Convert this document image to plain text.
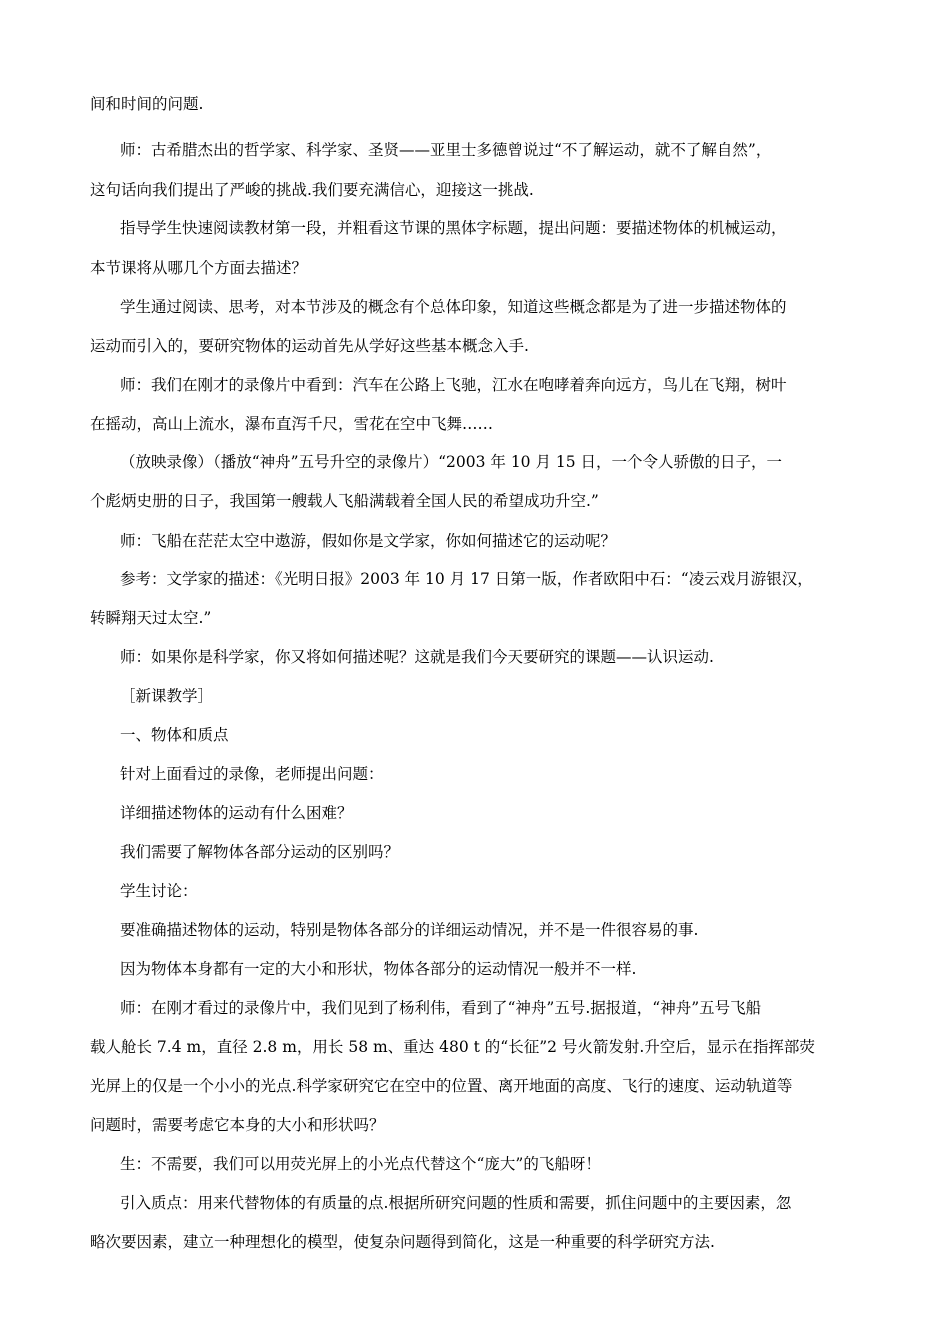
间和时间的问题.

师：古希腊杰出的哲学家、科学家、圣贤——亚里士多德曾说过“不了解运动，就不了解自然”，

这句话向我们提出了严峻的挑战.我们要充满信心，迎接这一挑战.

指导学生快速阅读教材第一段，并粗看这节课的黑体字标题，提出问题：要描述物体的机械运动，

本节课将从哪几个方面去描述？

学生通过阅读、思考，对本节涉及的概念有个总体印象，知道这些概念都是为了进一步描述物体的

运动而引入的，要研究物体的运动首先从学好这些基本概念入手.

师：我们在刚才的录像片中看到：汽车在公路上飞驰，江水在咆哮着奔向远方，鸟儿在飞翔，树叶

在摇动，高山上流水，瀑布直泻千尺，雪花在空中飞舞……

（放映录像）（播放“神舟”五号升空的录像片）“2003 年 10 月 15 日，一个令人骄傲的日子，一

个彪炳史册的日子，我国第一艘载人飞船满载着全国人民的希望成功升空.”

师：飞船在茫茫太空中遨游，假如你是文学家，你如何描述它的运动呢？

参考：文学家的描述：《光明日报》2003 年 10 月 17 日第一版，作者欧阳中石：“凌云戏月游银汉，

转瞬翔天过太空.”

师：如果你是科学家，你又将如何描述呢？这就是我们今天要研究的课题——认识运动.

［新课教学］

一、物体和质点

针对上面看过的录像，老师提出问题：

详细描述物体的运动有什么困难？

我们需要了解物体各部分运动的区别吗？

学生讨论：

要准确描述物体的运动，特别是物体各部分的详细运动情况，并不是一件很容易的事.

因为物体本身都有一定的大小和形状，物体各部分的运动情况一般并不一样.

师：在刚才看过的录像片中，我们见到了杨利伟，看到了“神舟”五号.据报道，“神舟”五号飞船

载人舱长 7.4 m，直径 2.8 m，用长 58 m、重达 480 t 的“长征”2 号火箭发射.升空后，显示在指挥部荧

光屏上的仅是一个小小的光点.科学家研究它在空中的位置、离开地面的高度、飞行的速度、运动轨道等

问题时，需要考虑它本身的大小和形状吗？

生：不需要，我们可以用荧光屏上的小光点代替这个“庞大”的飞船呀！

引入质点：用来代替物体的有质量的点.根据所研究问题的性质和需要，抓住问题中的主要因素，忽

略次要因素，建立一种理想化的模型，使复杂问题得到简化，这是一种重要的科学研究方法.
